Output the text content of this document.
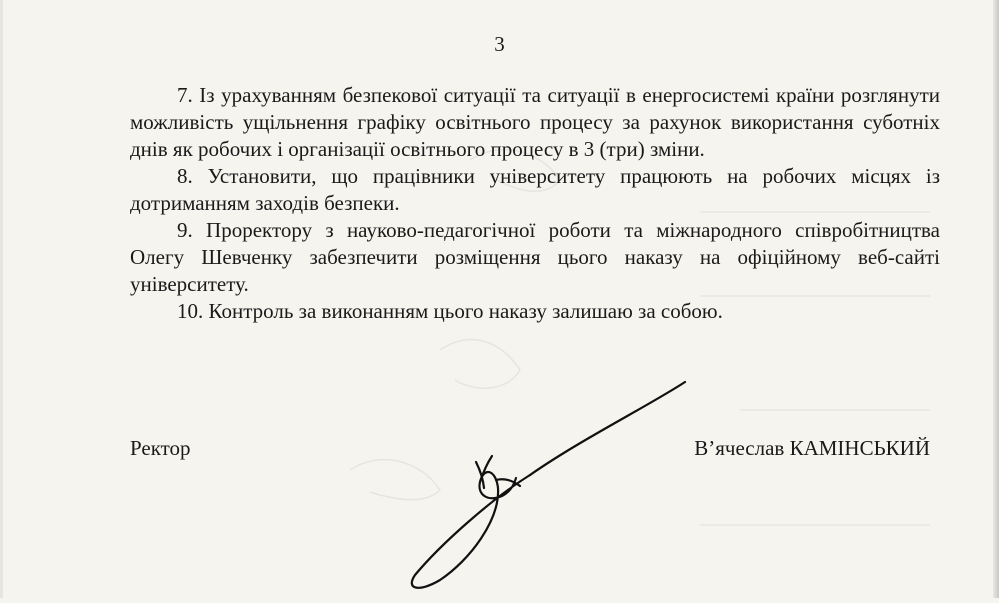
3

7. Із урахуванням безпекової ситуації та ситуації в енергосистемі країни розглянути можливість ущільнення графіку освітнього процесу за рахунок використання суботніх днів як робочих і організації освітнього процесу в 3 (три) зміни.

8. Установити, що працівники університету працюють на робочих місцях із дотриманням заходів безпеки.

9. Проректору з науково-педагогічної роботи та міжнародного співробітництва Олегу Шевченку забезпечити розміщення цього наказу на офіційному веб-сайті університету.

10. Контроль за виконанням цього наказу залишаю за собою.

Ректор	В’ячеслав КАМІНСЬКИЙ
